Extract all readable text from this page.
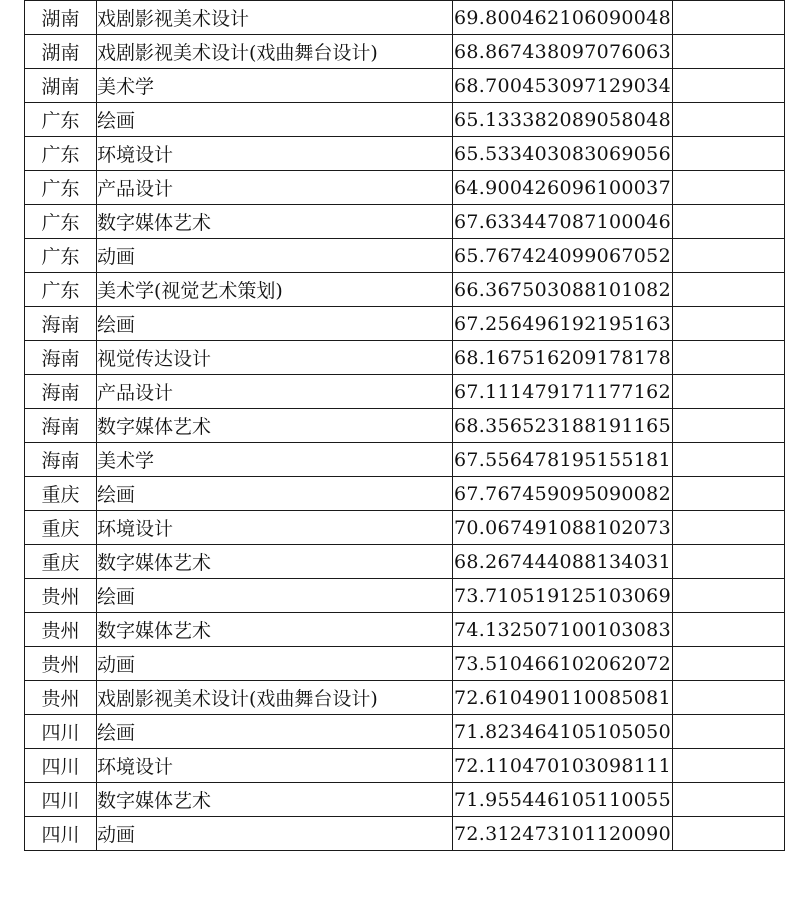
湖南	戏剧影视美术设计	69.800462106090048	
湖南	戏剧影视美术设计(戏曲舞台设计)	68.867438097076063	
湖南	美术学	68.700453097129034	
广东	绘画	65.133382089058048	
广东	环境设计	65.533403083069056	
广东	产品设计	64.900426096100037	
广东	数字媒体艺术	67.633447087100046	
广东	动画	65.767424099067052	
广东	美术学(视觉艺术策划)	66.367503088101082	
海南	绘画	67.256496192195163	
海南	视觉传达设计	68.167516209178178	
海南	产品设计	67.111479171177162	
海南	数字媒体艺术	68.356523188191165	
海南	美术学	67.556478195155181	
重庆	绘画	67.767459095090082	
重庆	环境设计	70.067491088102073	
重庆	数字媒体艺术	68.267444088134031	
贵州	绘画	73.710519125103069	
贵州	数字媒体艺术	74.132507100103083	
贵州	动画	73.510466102062072	
贵州	戏剧影视美术设计(戏曲舞台设计)	72.610490110085081	
四川	绘画	71.823464105105050	
四川	环境设计	72.110470103098111	
四川	数字媒体艺术	71.955446105110055	
四川	动画	72.312473101120090	
